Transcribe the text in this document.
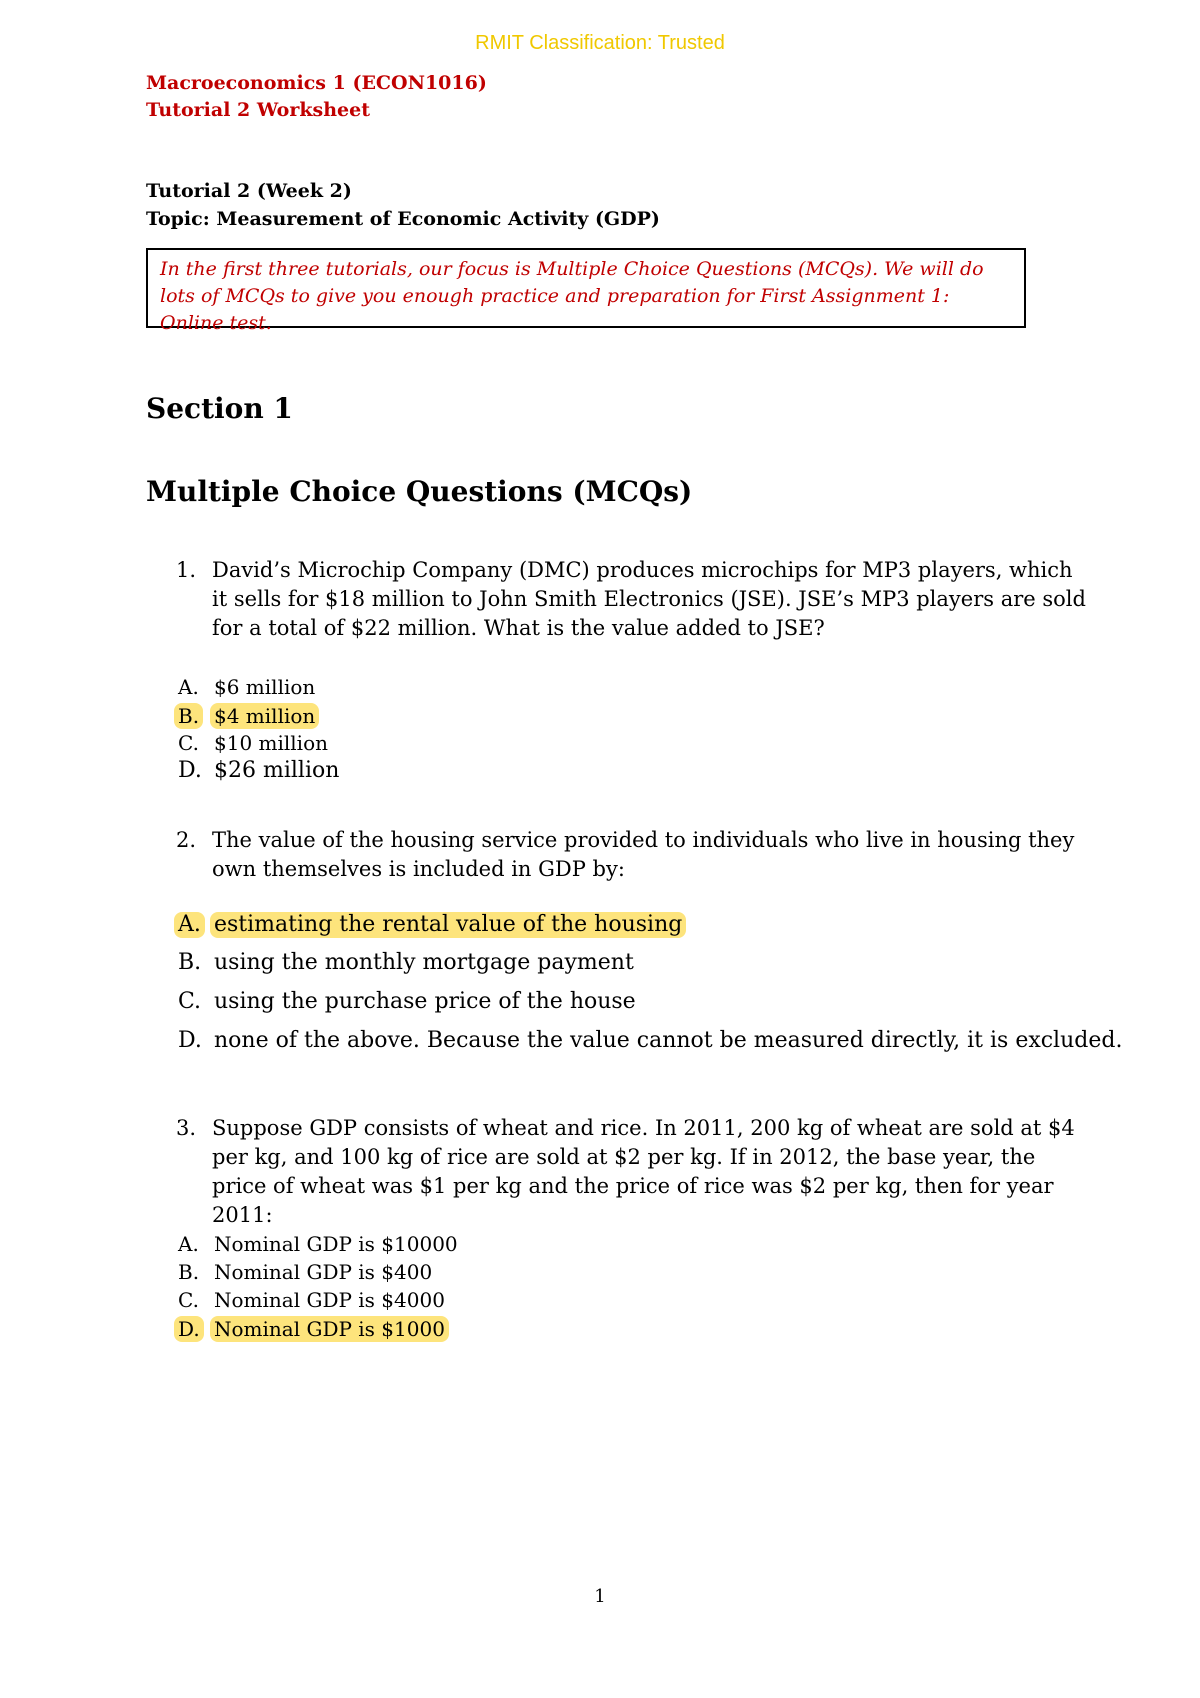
RMIT Classification: Trusted
Macroeconomics 1 (ECON1016)
Tutorial 2 Worksheet
Tutorial 2 (Week 2)
Topic: Measurement of Economic Activity (GDP)
In the first three tutorials, our focus is Multiple Choice Questions (MCQs). We will do lots of MCQs to give you enough practice and preparation for First Assignment 1: Online test.
Section 1
Multiple Choice Questions (MCQs)
1. David’s Microchip Company (DMC) produces microchips for MP3 players, which it sells for $18 million to John Smith Electronics (JSE). JSE’s MP3 players are sold for a total of $22 million. What is the value added to JSE?
A. $6 million
B. $4 million
C. $10 million
D. $26 million
2. The value of the housing service provided to individuals who live in housing they own themselves is included in GDP by:
A. estimating the rental value of the housing
B. using the monthly mortgage payment
C. using the purchase price of the house
D. none of the above. Because the value cannot be measured directly, it is excluded.
3. Suppose GDP consists of wheat and rice. In 2011, 200 kg of wheat are sold at $4 per kg, and 100 kg of rice are sold at $2 per kg. If in 2012, the base year, the price of wheat was $1 per kg and the price of rice was $2 per kg, then for year 2011:
A. Nominal GDP is $10000
B. Nominal GDP is $400
C. Nominal GDP is $4000
D. Nominal GDP is $1000
1
